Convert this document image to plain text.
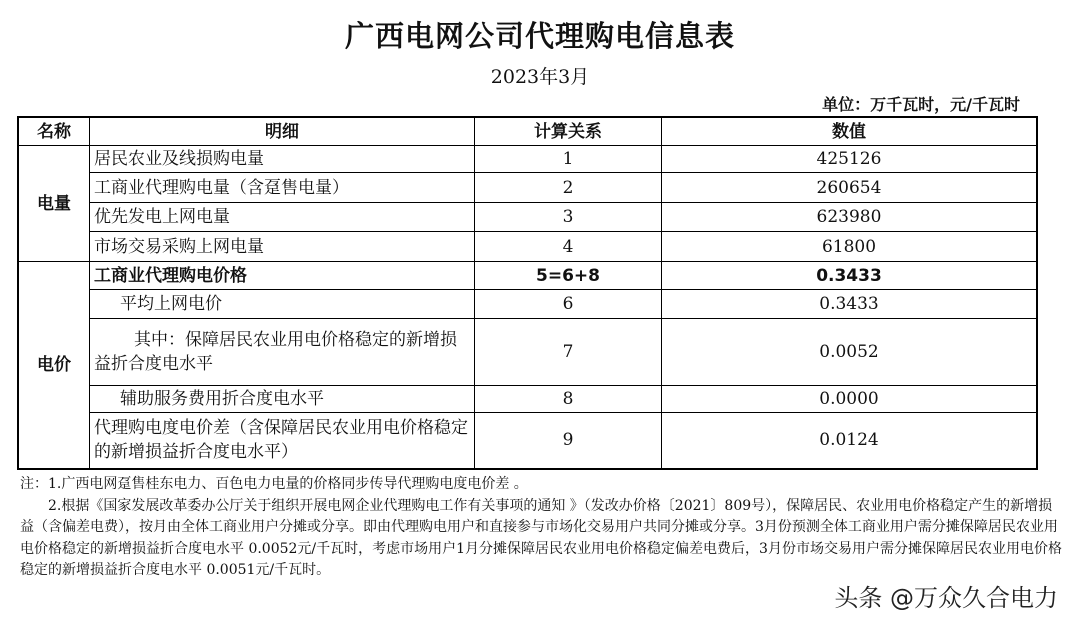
广西电网公司代理购电信息表
2023年3月
单位：万千瓦时，元/千瓦时
名称	明细	计算关系	数值
电量	居民农业及线损购电量	1	425126
	工商业代理购电量（含趸售电量）	2	260654
	优先发电上网电量	3	623980
	市场交易采购上网电量	4	61800
电价	工商业代理购电价格	5=6+8	0.3433
	平均上网电价	6	0.3433
	其中：保障居民农业用电价格稳定的新增损益折合度电水平	7	0.0052
	辅助服务费用折合度电水平	8	0.0000
	代理购电度电价差（含保障居民农业用电价格稳定的新增损益折合度电水平）	9	0.0124

注：1.广西电网趸售桂东电力、百色电力电量的价格同步传导代理购电度电价差 。

2.根据《国家发展改革委办公厅关于组织开展电网企业代理购电工作有关事项的通知 》（发改办价格〔2021〕809号），保障居民、农业用电价格稳定产生的新增损益（含偏差电费），按月由全体工商业用户分摊或分享。即由代理购电用户和直接参与市场化交易用户共同分摊或分享。3月份预测全体工商业用户需分摊保障居民农业用电价格稳定的新增损益折合度电水平 0.0052元/千瓦时，考虑市场用户1月分摊保障居民农业用电价格稳定偏差电费后，3月份市场交易用户需分摊保障居民农业用电价格稳定的新增损益折合度电水平 0.0051元/千瓦时。

头条 @万众久合电力
